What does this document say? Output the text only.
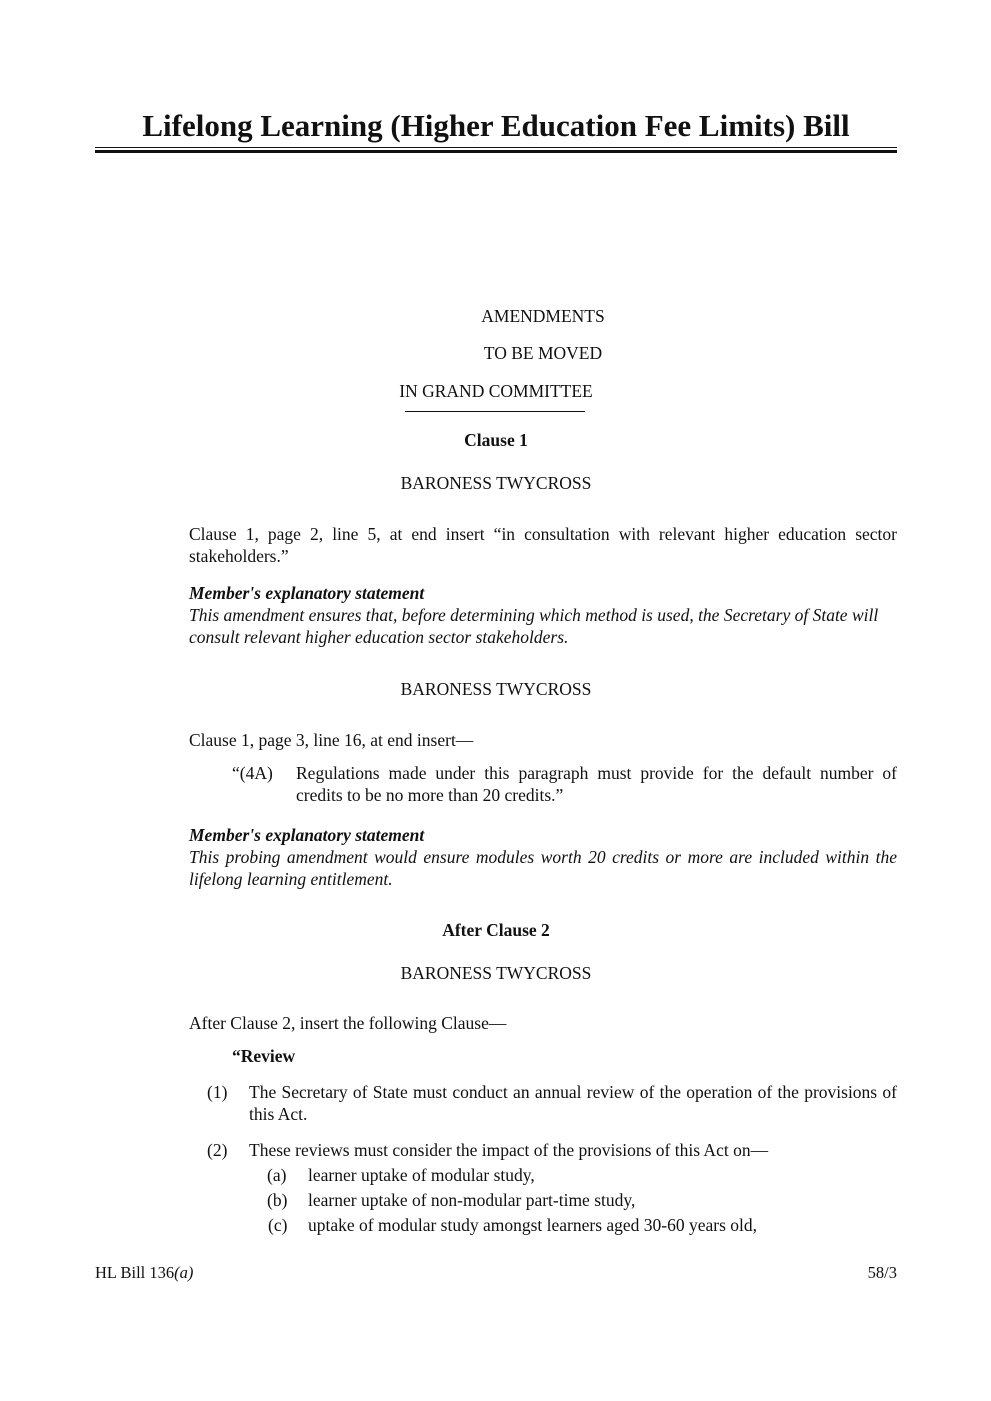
Lifelong Learning (Higher Education Fee Limits) Bill
AMENDMENTS
TO BE MOVED
IN GRAND COMMITTEE
Clause 1
BARONESS TWYCROSS
Clause 1, page 2, line 5, at end insert “in consultation with relevant higher education sector stakeholders.”
Member's explanatory statement
This amendment ensures that, before determining which method is used, the Secretary of State will consult relevant higher education sector stakeholders.
BARONESS TWYCROSS
Clause 1, page 3, line 16, at end insert—
“(4A) Regulations made under this paragraph must provide for the default number of credits to be no more than 20 credits.”
Member's explanatory statement
This probing amendment would ensure modules worth 20 credits or more are included within the lifelong learning entitlement.
After Clause 2
BARONESS TWYCROSS
After Clause 2, insert the following Clause—
“Review
(1) The Secretary of State must conduct an annual review of the operation of the provisions of this Act.
(2) These reviews must consider the impact of the provisions of this Act on—
(a) learner uptake of modular study,
(b) learner uptake of non-modular part-time study,
(c) uptake of modular study amongst learners aged 30-60 years old,
HL Bill 136(a)	58/3
